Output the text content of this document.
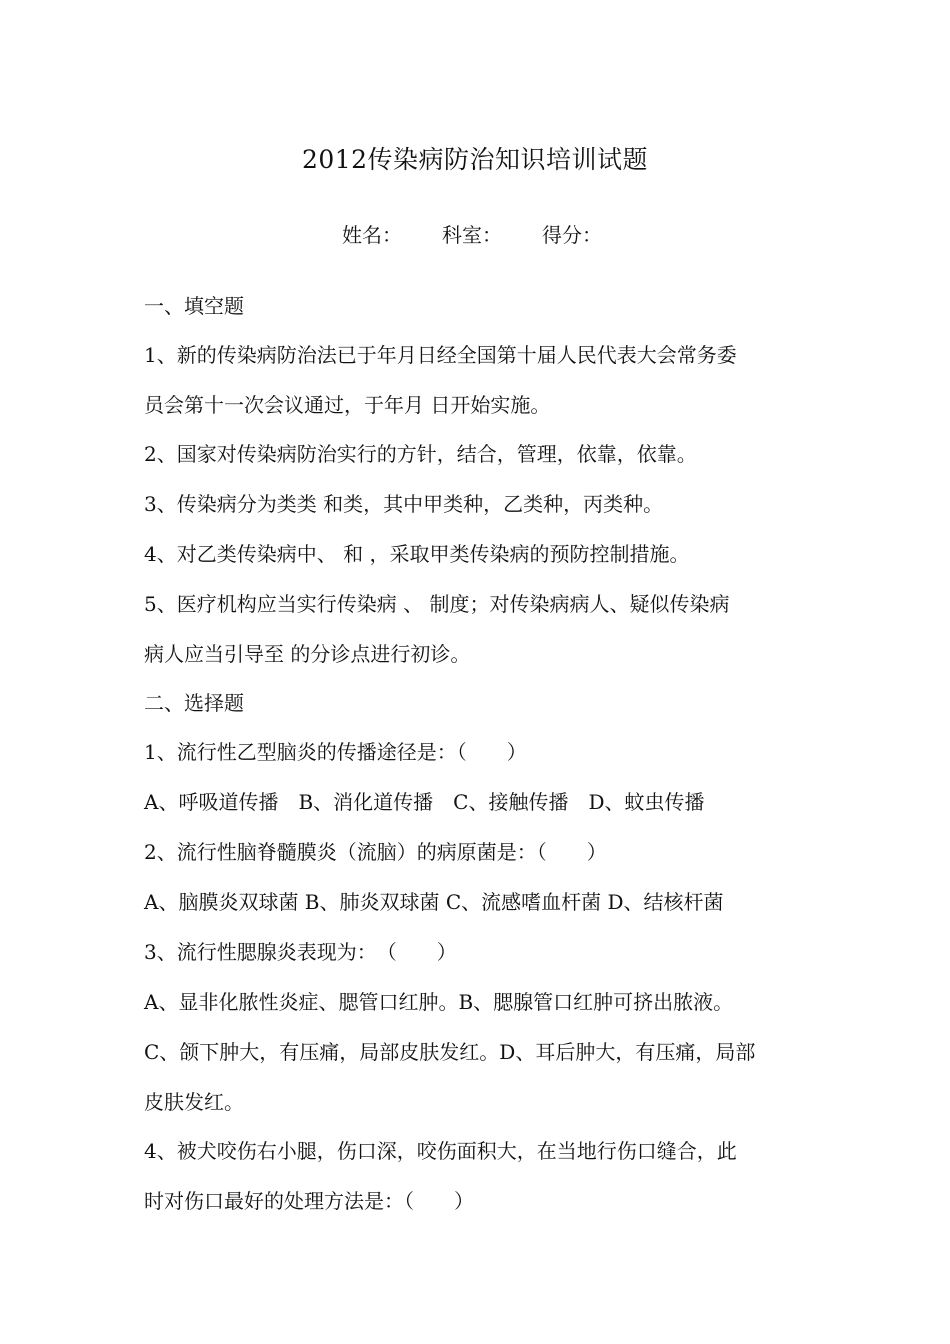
2012传染病防治知识培训试题
姓名： 科室： 得分：
一、填空题
1、新的传染病防治法已于年月日经全国第十届人民代表大会常务委
员会第十一次会议通过，于年月 日开始实施。
2、国家对传染病防治实行的方针，结合，管理，依靠，依靠。
3、传染病分为类类 和类，其中甲类种，乙类种，丙类种。
4、对乙类传染病中、 和 ，采取甲类传染病的预防控制措施。
5、医疗机构应当实行传染病 、 制度；对传染病病人、疑似传染病
病人应当引导至 的分诊点进行初诊。
二、选择题
1、流行性乙型脑炎的传播途径是：（　　）
A、呼吸道传播　B、消化道传播　C、接触传播　D、蚊虫传播
2、流行性脑脊髓膜炎（流脑）的病原菌是：（　　）
A、脑膜炎双球菌 B、肺炎双球菌 C、流感嗜血杆菌 D、结核杆菌
3、流行性腮腺炎表现为：　（　　）
A、显非化脓性炎症、腮管口红肿。B、腮腺管口红肿可挤出脓液。
C、颌下肿大，有压痛，局部皮肤发红。D、耳后肿大，有压痛，局部
皮肤发红。
4、被犬咬伤右小腿，伤口深，咬伤面积大，在当地行伤口缝合，此
时对伤口最好的处理方法是：（　　）
